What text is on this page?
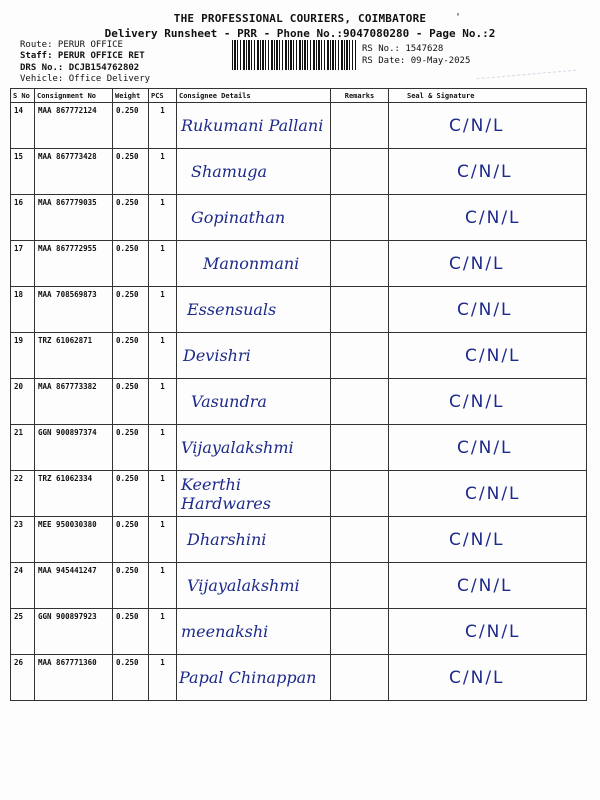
THE PROFESSIONAL COURIERS, COIMBATORE	'
Delivery Runsheet - PRR - Phone No.:9047080280 - Page No.:2
Route: PERUR OFFICE
Staff: PERUR OFFICE RET
DRS No.: DCJB154762802
Vehicle: Office Delivery
RS No.: 1547628
RS Date: 09-May-2025
S No	Consignment No	Weight	PCS	Consignee Details	Remarks	Seal & Signature
14	MAA 867772124	0.250	1	Rukumani Pallani		C/N/L
15	MAA 867773428	0.250	1	Shamuga		C/N/L
16	MAA 867779035	0.250	1	Gopinathan		C/N/L
17	MAA 867772955	0.250	1	Manonmani		C/N/L
18	MAA 708569873	0.250	1	Essensuals		C/N/L
19	TRZ 61062871	0.250	1	Devishri		C/N/L
20	MAA 867773382	0.250	1	Vasundra		C/N/L
21	GGN 900897374	0.250	1	Vijayalakshmi		C/N/L
22	TRZ 61062334	0.250	1	Keerthi Hardwares		C/N/L
23	MEE 950030380	0.250	1	Dharshini		C/N/L
24	MAA 945441247	0.250	1	Vijayalakshmi		C/N/L
25	GGN 900897923	0.250	1	meenakshi		C/N/L
26	MAA 867771360	0.250	1	Papal Chinappan		C/N/L
